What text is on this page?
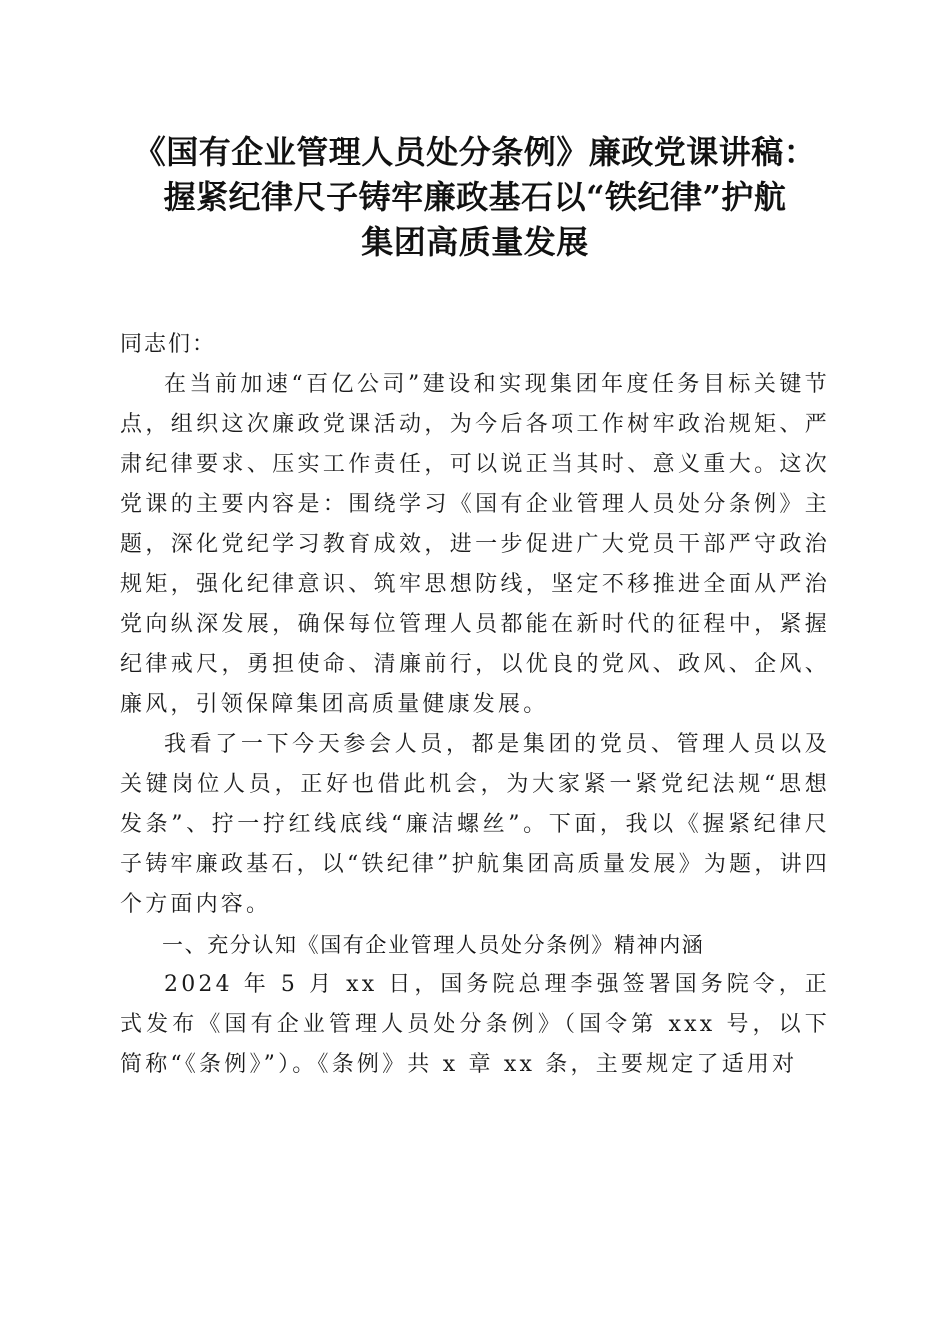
《国有企业管理人员处分条例》廉政党课讲稿：
握紧纪律尺子铸牢廉政基石以“铁纪律”护航
集团高质量发展

同志们：

在当前加速“百亿公司”建设和实现集团年度任务目标关键节点，组织这次廉政党课活动，为今后各项工作树牢政治规矩、严肃纪律要求、压实工作责任，可以说正当其时、意义重大。这次党课的主要内容是：围绕学习《国有企业管理人员处分条例》主题，深化党纪学习教育成效，进一步促进广大党员干部严守政治规矩，强化纪律意识、筑牢思想防线，坚定不移推进全面从严治党向纵深发展，确保每位管理人员都能在新时代的征程中，紧握纪律戒尺，勇担使命、清廉前行，以优良的党风、政风、企风、廉风，引领保障集团高质量健康发展。

我看了一下今天参会人员，都是集团的党员、管理人员以及关键岗位人员，正好也借此机会，为大家紧一紧党纪法规“思想发条”、拧一拧红线底线“廉洁螺丝”。下面，我以《握紧纪律尺子铸牢廉政基石，以“铁纪律”护航集团高质量发展》为题，讲四个方面内容。

一、充分认知《国有企业管理人员处分条例》精神内涵

2024 年 5 月 xx 日，国务院总理李强签署国务院令，正式发布《国有企业管理人员处分条例》（国令第 xxx 号，以下简称“《条例》”）。《条例》共 x 章 xx 条，主要规定了适用对
